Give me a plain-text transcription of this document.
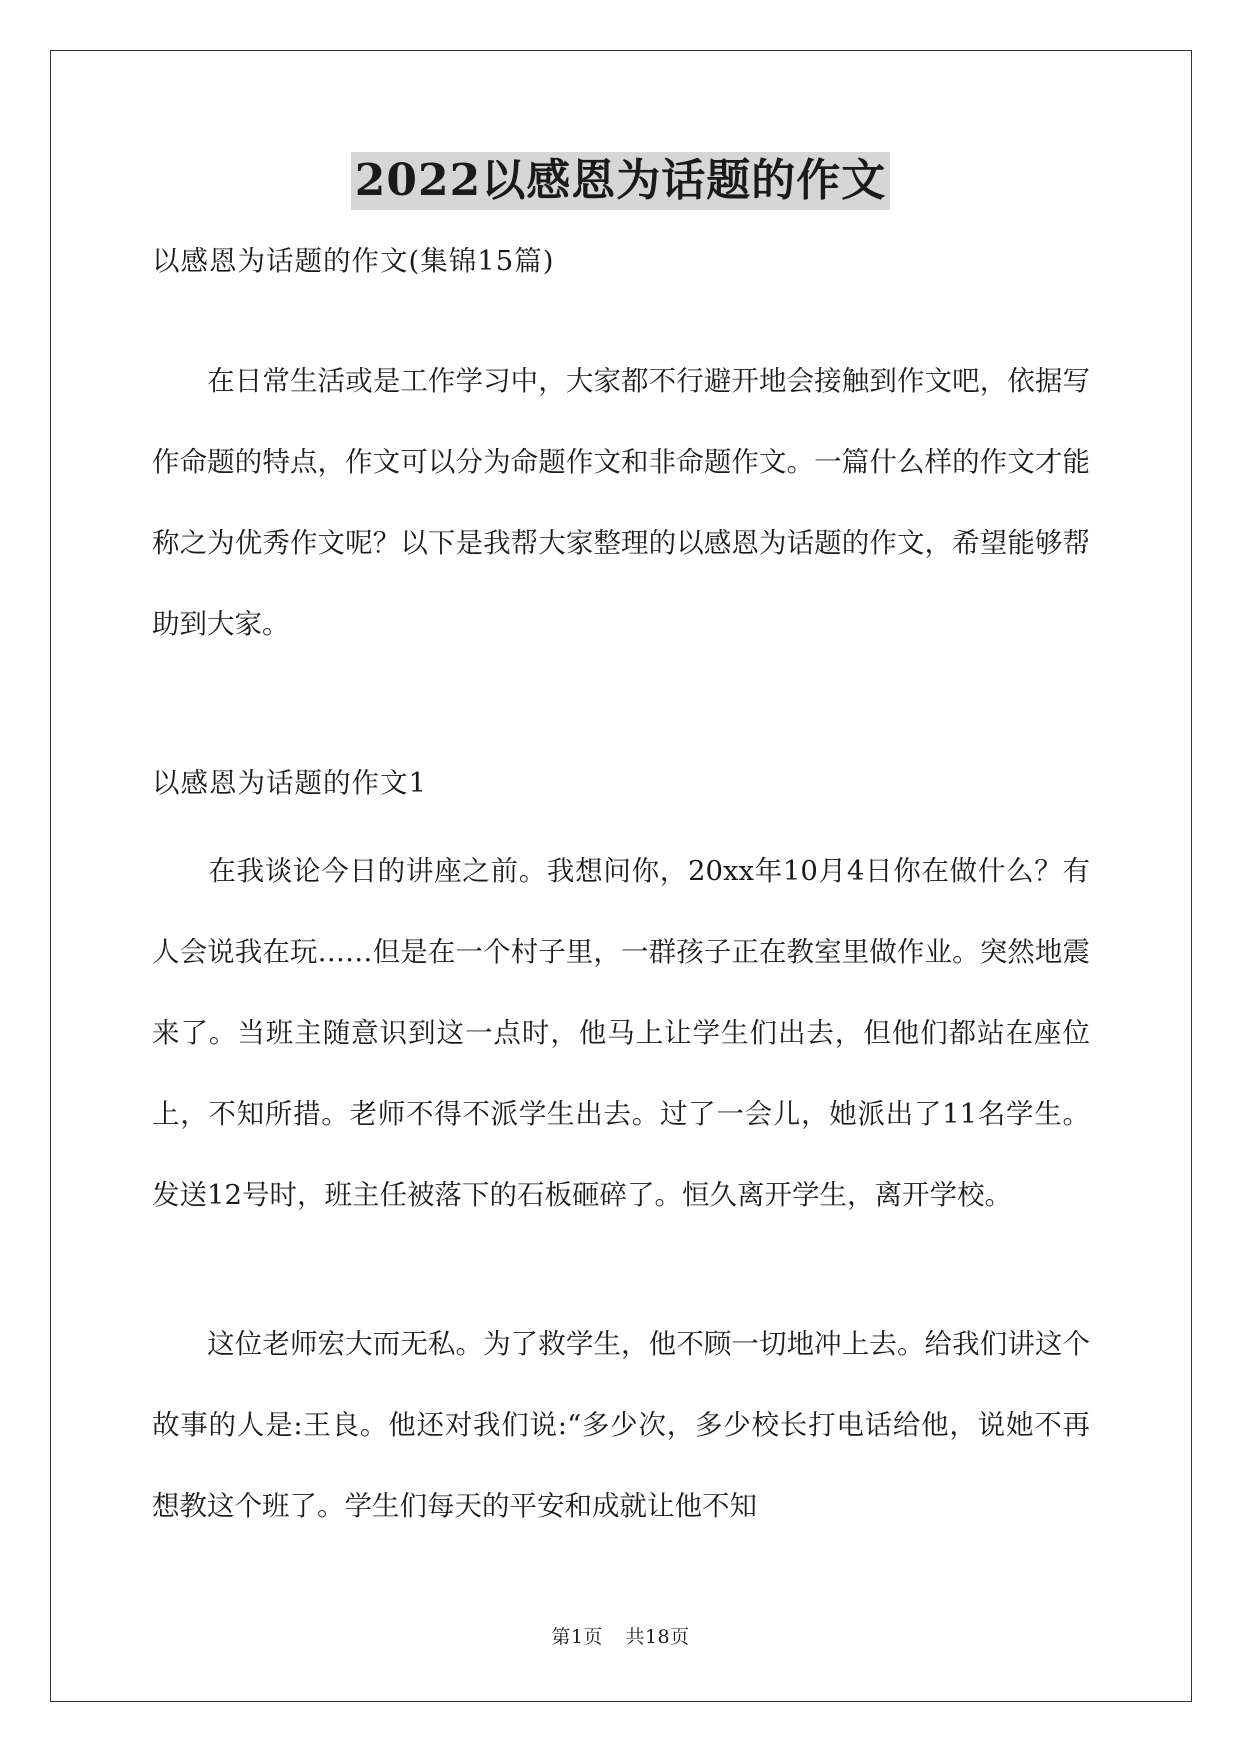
2022以感恩为话题的作文
以感恩为话题的作文(集锦15篇)
　　在日常生活或是工作学习中，大家都不行避开地会接触到作文吧，依据写作命题的特点，作文可以分为命题作文和非命题作文。一篇什么样的作文才能称之为优秀作文呢？以下是我帮大家整理的以感恩为话题的作文，希望能够帮助到大家。
以感恩为话题的作文1
　　在我谈论今日的讲座之前。我想问你，20xx年10月4日你在做什么？有人会说我在玩……但是在一个村子里，一群孩子正在教室里做作业。突然地震来了。当班主随意识到这一点时，他马上让学生们出去，但他们都站在座位上，不知所措。老师不得不派学生出去。过了一会儿，她派出了11名学生。发送12号时，班主任被落下的石板砸碎了。恒久离开学生，离开学校。
　　这位老师宏大而无私。为了救学生，他不顾一切地冲上去。给我们讲这个故事的人是:王良。他还对我们说:“多少次，多少校长打电话给他，说她不再想教这个班了。学生们每天的平安和成就让他不知
第1页 共18页
